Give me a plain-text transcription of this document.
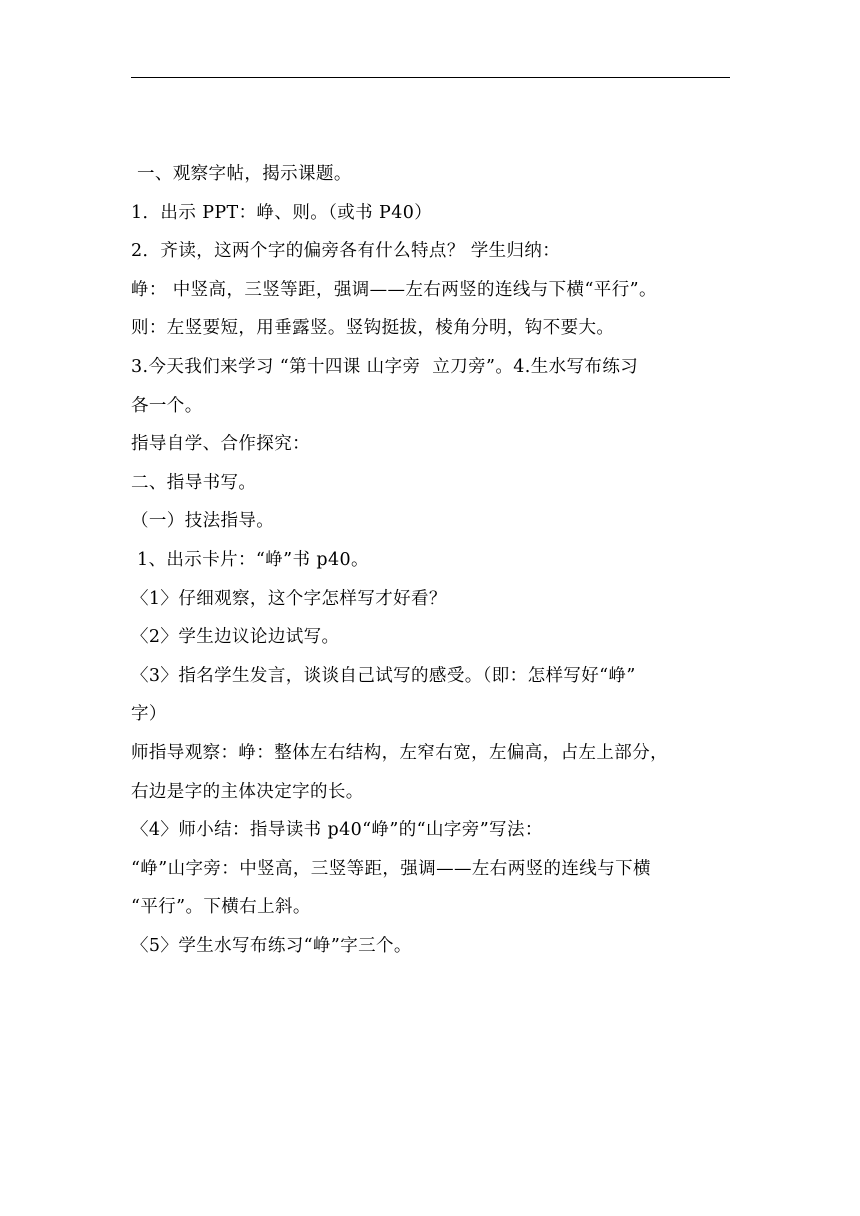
一、观察字帖，揭示课题。
1．出示 PPT：峥、则。（或书 P40）
2．齐读，这两个字的偏旁各有什么特点？ 学生归纳：
峥： 中竖高，三竖等距，强调——左右两竖的连线与下横“平行”。
则：左竖要短，用垂露竖。竖钩挺拔，棱角分明，钩不要大。
3.今天我们来学习 “第十四课 山字旁  立刀旁”。4.生水写布练习
各一个。
指导自学、合作探究：
二、指导书写。
（一）技法指导。
1、出示卡片：“峥”书 p40。
〈1〉仔细观察，这个字怎样写才好看？
〈2〉学生边议论边试写。
〈3〉指名学生发言，谈谈自己试写的感受。（即：怎样写好“峥”
字）
师指导观察：峥：整体左右结构，左窄右宽，左偏高，占左上部分，
右边是字的主体决定字的长。
〈4〉师小结：指导读书 p40“峥”的“山字旁”写法：
“峥”山字旁：中竖高，三竖等距，强调——左右两竖的连线与下横
“平行”。下横右上斜。
〈5〉学生水写布练习“峥”字三个。
